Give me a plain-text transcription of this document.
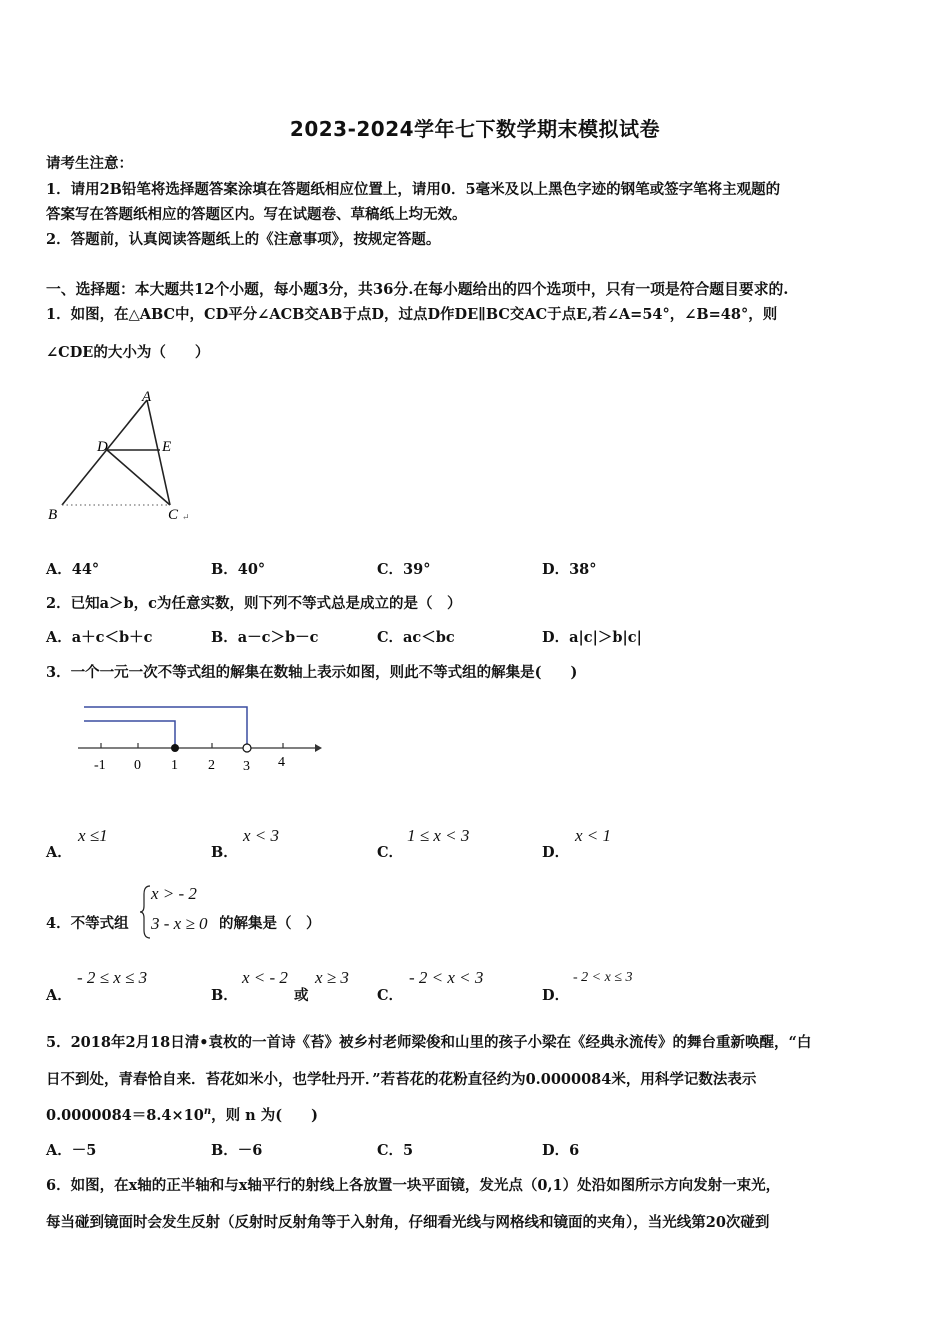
2023-2024学年七下数学期末模拟试卷
请考生注意：
1．请用2B铅笔将选择题答案涂填在答题纸相应位置上，请用0．5毫米及以上黑色字迹的钢笔或签字笔将主观题的
答案写在答题纸相应的答题区内。写在试题卷、草稿纸上均无效。
2．答题前，认真阅读答题纸上的《注意事项》，按规定答题。
一、选择题：本大题共12个小题，每小题3分，共36分.在每小题给出的四个选项中，只有一项是符合题目要求的.
1．如图，在△ABC中，CD平分∠ACB交AB于点D，过点D作DE∥BC交AC于点E,若∠A=54°，∠B=48°，则
∠CDE的大小为（　　）
A
D	E
B	C ↵
A．44°	B．40°	C．39°	D．38°
2．已知a＞b，c为任意实数，则下列不等式总是成立的是（　）
A．a＋c＜b＋c	B．a－c＞b－c	C．ac＜bc	D．a|c|＞b|c|
3．一个一元一次不等式组的解集在数轴上表示如图，则此不等式组的解集是(　　)
-1 0 1 2 3 4
A．
x ≤1
B．
x < 3
C．
1 ≤ x < 3
D．
x < 1
4．不等式组
x > - 2
3 - x ≥ 0 的解集是（　）
A．
- 2 ≤ x ≤ 3
B．
x < - 2
或
x ≥ 3
C．
- 2 < x < 3
D．
- 2 < x ≤ 3
5．2018年2月18日清•袁枚的一首诗《苔》被乡村老师梁俊和山里的孩子小梁在《经典永流传》的舞台重新唤醒，“白
日不到处，青春恰自来．苔花如米小，也学牡丹开．”若苔花的花粉直径约为0.0000084米，用科学记数法表示
$0.0000084=8.4\times 10^n$，则 n 为(　　)
A．－5	B．－6	C．5	D．6
6．如图，在x轴的正半轴和与x轴平行的射线上各放置一块平面镜，发光点（0,1）处沿如图所示方向发射一束光，
每当碰到镜面时会发生反射（反射时反射角等于入射角，仔细看光线与网格线和镜面的夹角），当光线第20次碰到
